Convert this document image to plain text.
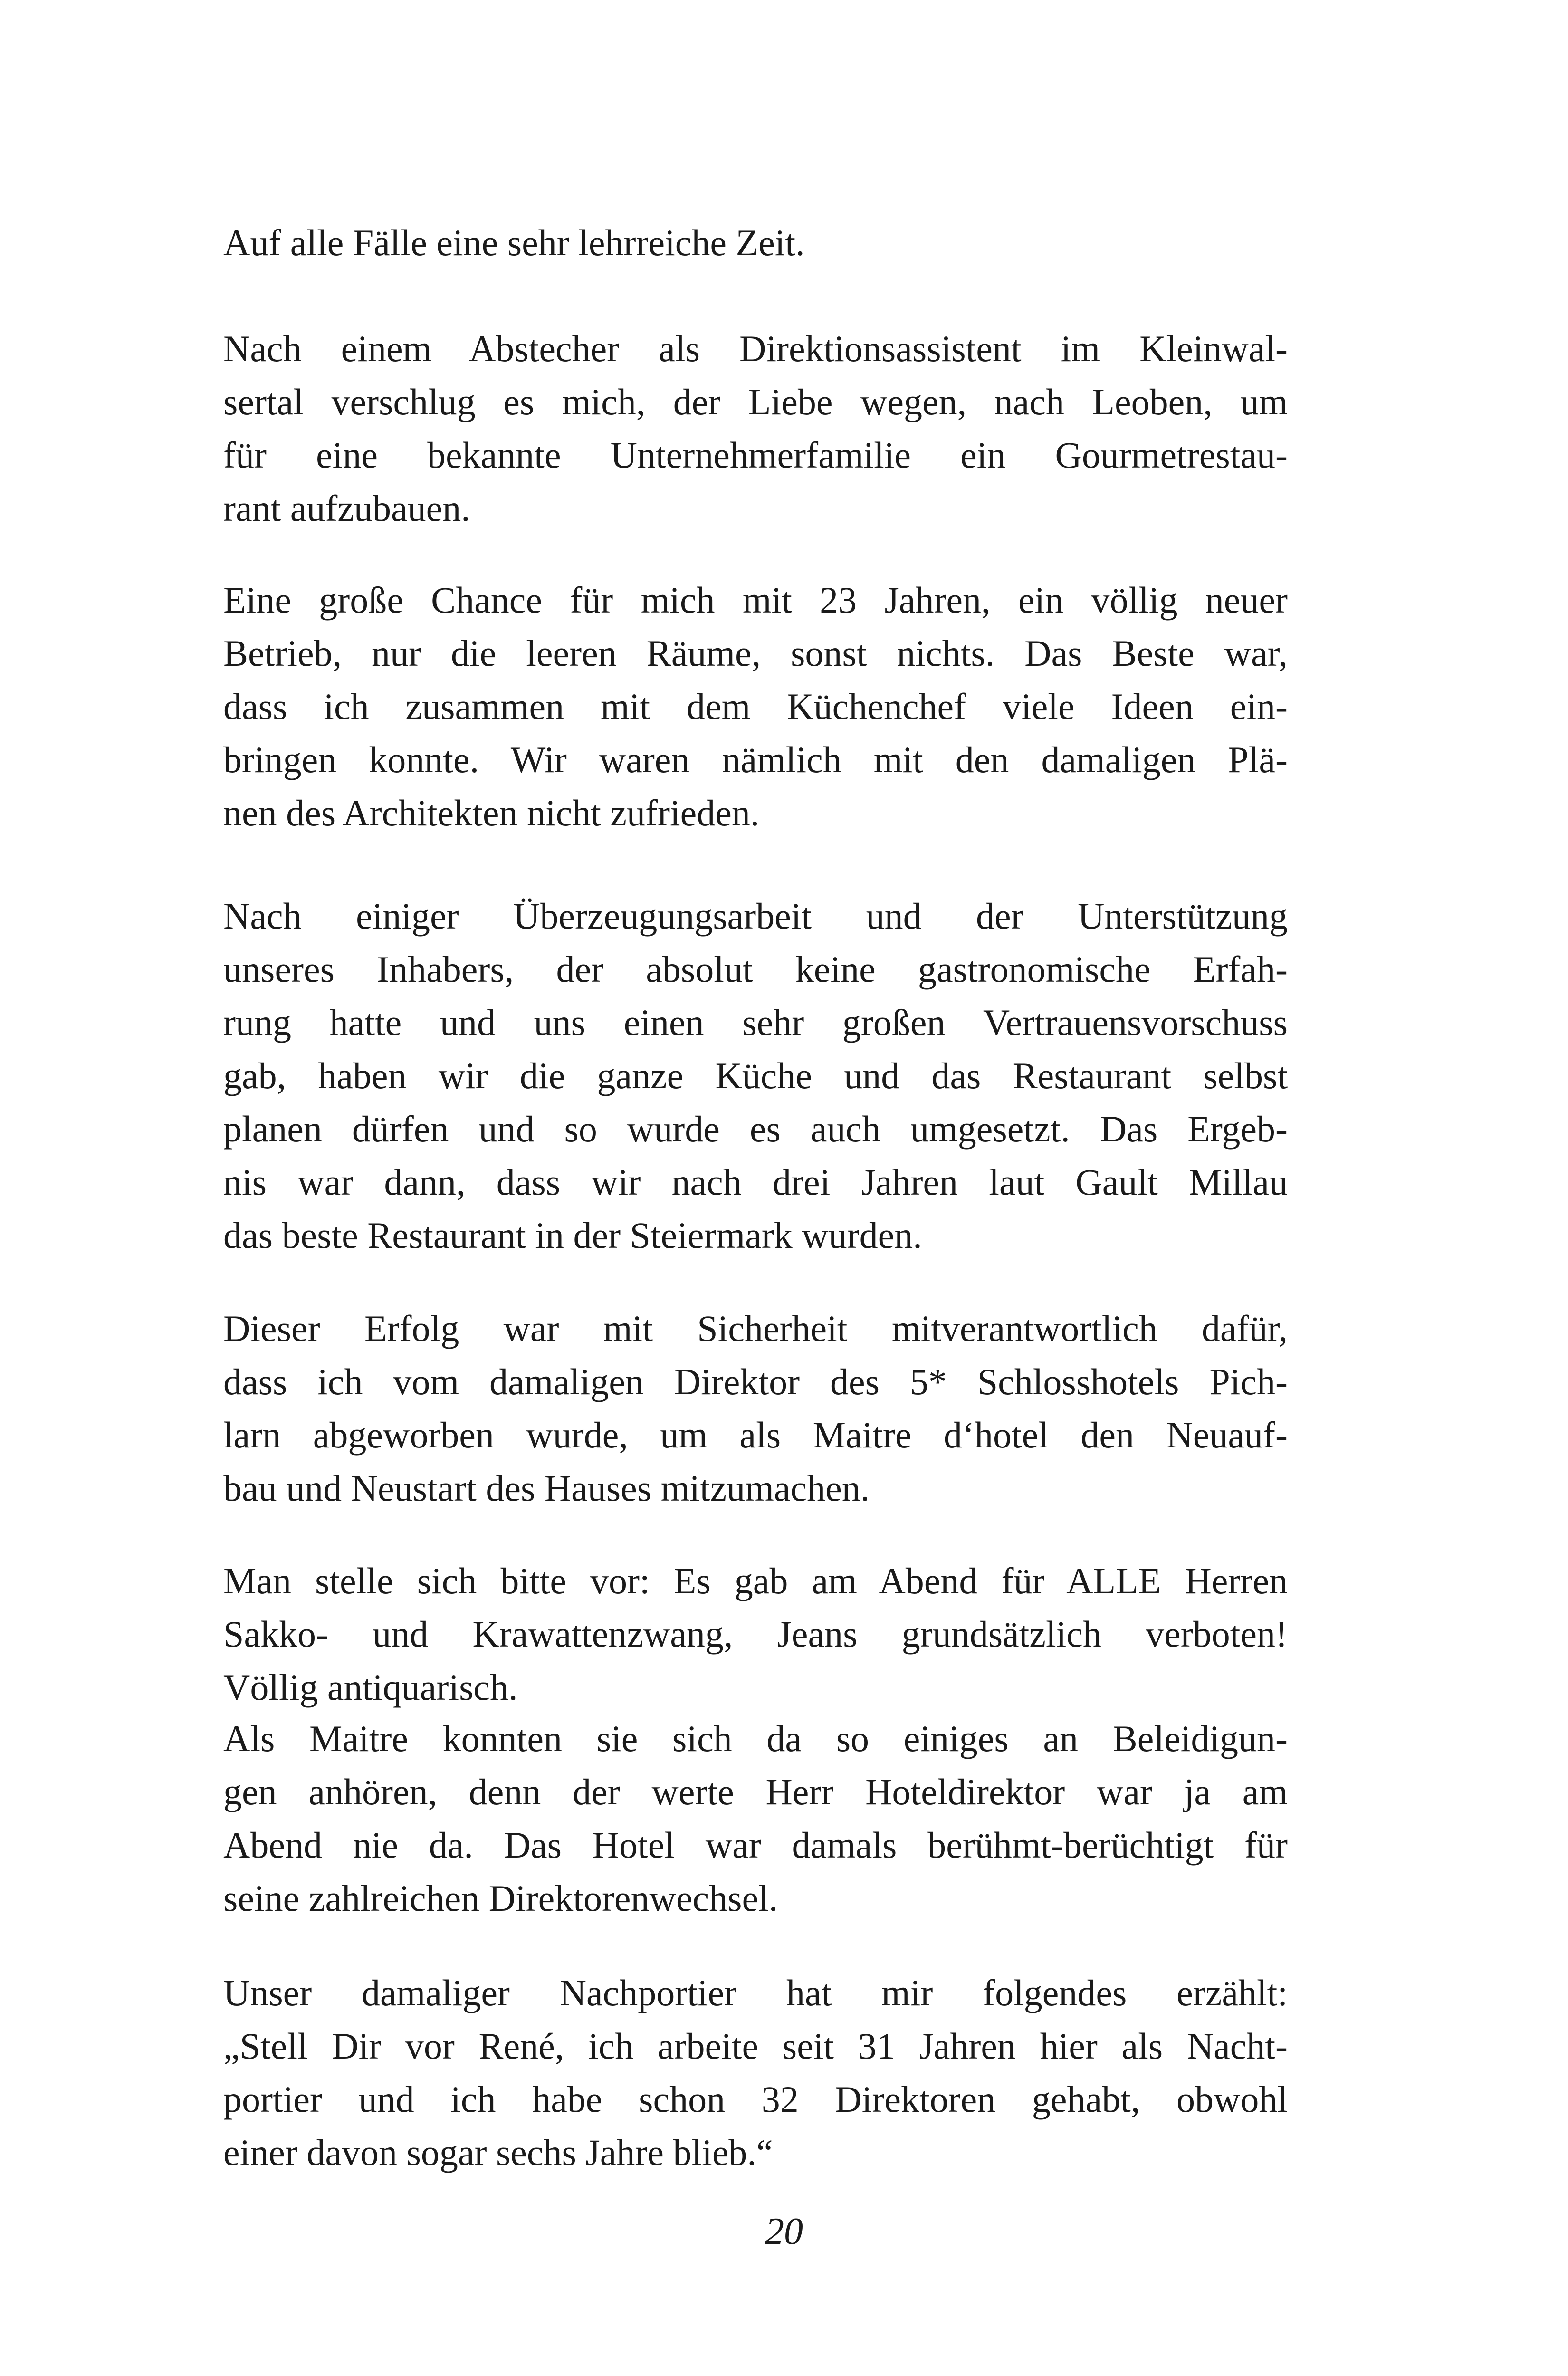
Auf alle Fälle eine sehr lehrreiche Zeit.

Nach einem Abstecher als Direktionsassistent im Kleinwal-
sertal verschlug es mich, der Liebe wegen, nach Leoben, um
für eine bekannte Unternehmerfamilie ein Gourmetrestau-
rant aufzubauen.

Eine große Chance für mich mit 23 Jahren, ein völlig neuer
Betrieb, nur die leeren Räume, sonst nichts. Das Beste war,
dass ich zusammen mit dem Küchenchef viele Ideen ein-
bringen konnte. Wir waren nämlich mit den damaligen Plä-
nen des Architekten nicht zufrieden.

Nach einiger Überzeugungsarbeit und der Unterstützung
unseres Inhabers, der absolut keine gastronomische Erfah-
rung hatte und uns einen sehr großen Vertrauensvorschuss
gab, haben wir die ganze Küche und das Restaurant selbst
planen dürfen und so wurde es auch umgesetzt. Das Ergeb-
nis war dann, dass wir nach drei Jahren laut Gault Millau
das beste Restaurant in der Steiermark wurden.

Dieser Erfolg war mit Sicherheit mitverantwortlich dafür,
dass ich vom damaligen Direktor des 5* Schlosshotels Pich-
larn abgeworben wurde, um als Maitre d‘hotel den Neuauf-
bau und Neustart des Hauses mitzumachen.

Man stelle sich bitte vor: Es gab am Abend für ALLE Herren
Sakko- und Krawattenzwang, Jeans grundsätzlich verboten!
Völlig antiquarisch.

Als Maitre konnten sie sich da so einiges an Beleidigun-
gen anhören, denn der werte Herr Hoteldirektor war ja am
Abend nie da. Das Hotel war damals berühmt-berüchtigt für
seine zahlreichen Direktorenwechsel.

Unser damaliger Nachportier hat mir folgendes erzählt:
„Stell Dir vor René, ich arbeite seit 31 Jahren hier als Nacht-
portier und ich habe schon 32 Direktoren gehabt, obwohl
einer davon sogar sechs Jahre blieb.“

20
